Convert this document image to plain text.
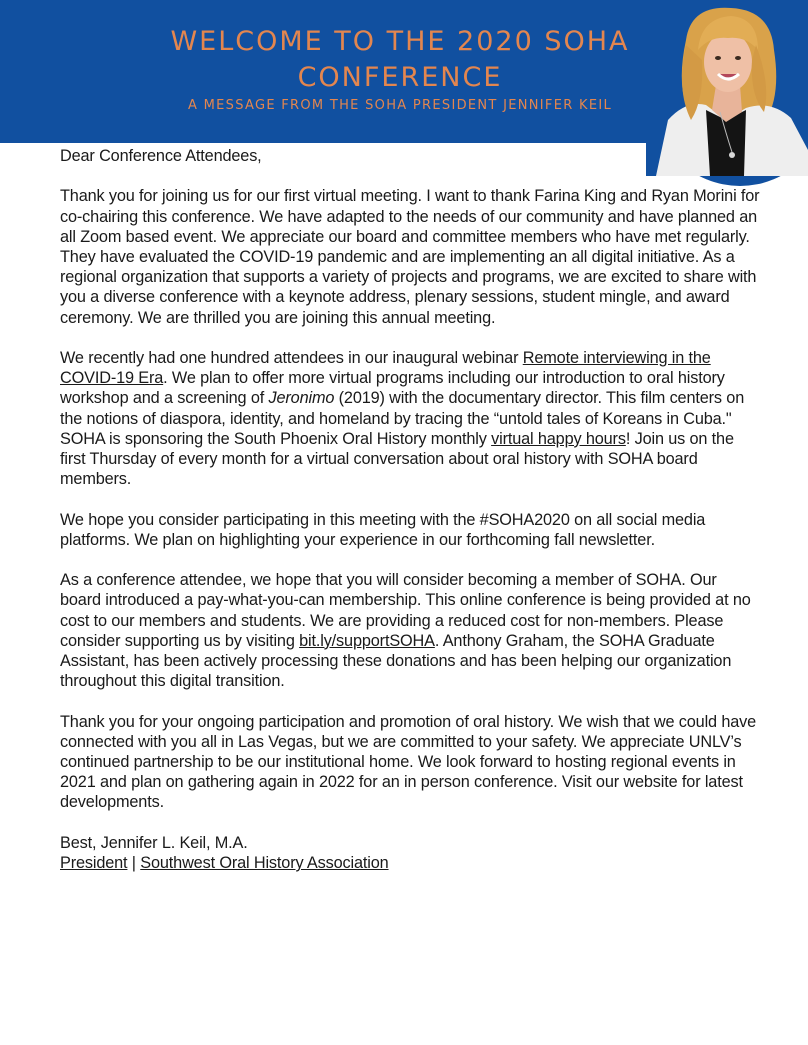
WELCOME TO THE 2020 SOHA CONFERENCE
A MESSAGE FROM THE SOHA PRESIDENT JENNIFER KEIL

Dear Conference Attendees,

Thank you for joining us for our first virtual meeting. I want to thank Farina King and Ryan Morini for co-chairing this conference. We have adapted to the needs of our community and have planned an all Zoom based event. We appreciate our board and committee members who have met regularly. They have evaluated the COVID-19 pandemic and are implementing an all digital initiative. As a regional organization that supports a variety of projects and programs, we are excited to share with you a diverse conference with a keynote address, plenary sessions, student mingle, and award ceremony. We are thrilled you are joining this annual meeting.

We recently had one hundred attendees in our inaugural webinar Remote interviewing in the COVID-19 Era. We plan to offer more virtual programs including our introduction to oral history workshop and a screening of Jeronimo (2019) with the documentary director. This film centers on the notions of diaspora, identity, and homeland by tracing the “untold tales of Koreans in Cuba." SOHA is sponsoring the South Phoenix Oral History monthly virtual happy hours! Join us on the first Thursday of every month for a virtual conversation about oral history with SOHA board members.

We hope you consider participating in this meeting with the #SOHA2020 on all social media platforms. We plan on highlighting your experience in our forthcoming fall newsletter.

As a conference attendee, we hope that you will consider becoming a member of SOHA. Our board introduced a pay-what-you-can membership. This online conference is being provided at no cost to our members and students. We are providing a reduced cost for non-members. Please consider supporting us by visiting bit.ly/supportSOHA. Anthony Graham, the SOHA Graduate Assistant, has been actively processing these donations and has been helping our organization throughout this digital transition.

Thank you for your ongoing participation and promotion of oral history. We wish that we could have connected with you all in Las Vegas, but we are committed to your safety. We appreciate UNLV’s continued partnership to be our institutional home. We look forward to hosting regional events in 2021 and plan on gathering again in 2022 for an in person conference. Visit our website for latest developments.

Best, Jennifer L. Keil, M.A.

President | Southwest Oral History Association
